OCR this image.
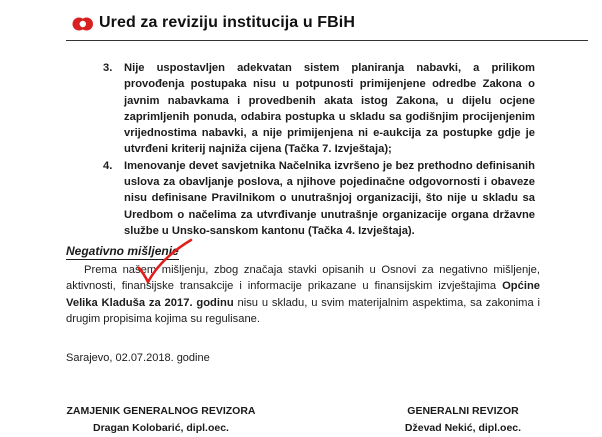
Ured za reviziju institucija u FBiH
3. Nije uspostavljen adekvatan sistem planiranja nabavki, a prilikom provođenja postupaka nisu u potpunosti primijenjene odredbe Zakona o javnim nabavkama i provedbenih akata istog Zakona, u dijelu ocjene zaprimljenih ponuda, odabira postupka u skladu sa godišnjim procijenjenim vrijednostima nabavki, a nije primijenjena ni e-aukcija za postupke gdje je utvrđeni kriterij najniža cijena (Tačka 7. Izvještaja);
4. Imenovanje devet savjetnika Načelnika izvršeno je bez prethodno definisanih uslova za obavljanje poslova, a njihove pojedinačne odgovornosti i obaveze nisu definisane Pravilnikom o unutrašnjoj organizaciji, što nije u skladu sa Uredbom o načelima za utvrđivanje unutrašnje organizacije organa državne službe u Unsko-sanskom kantonu (Tačka 4. Izvještaja).
Negativno mišljenje
Prema našem mišljenju, zbog značaja stavki opisanih u Osnovi za negativno mišljenje, aktivnosti, finansijske transakcije i informacije prikazane u finansijskim izvještajima Općine Velika Kladuša za 2017. godinu nisu u skladu, u svim materijalnim aspektima, sa zakonima i drugim propisima kojima su regulisane.
Sarajevo, 02.07.2018. godine
ZAMJENIK GENERALNOG REVIZORA
Dragan Kolobarić, dipl.oec.
GENERALNI REVIZOR
Dževad Nekić, dipl.oec.
